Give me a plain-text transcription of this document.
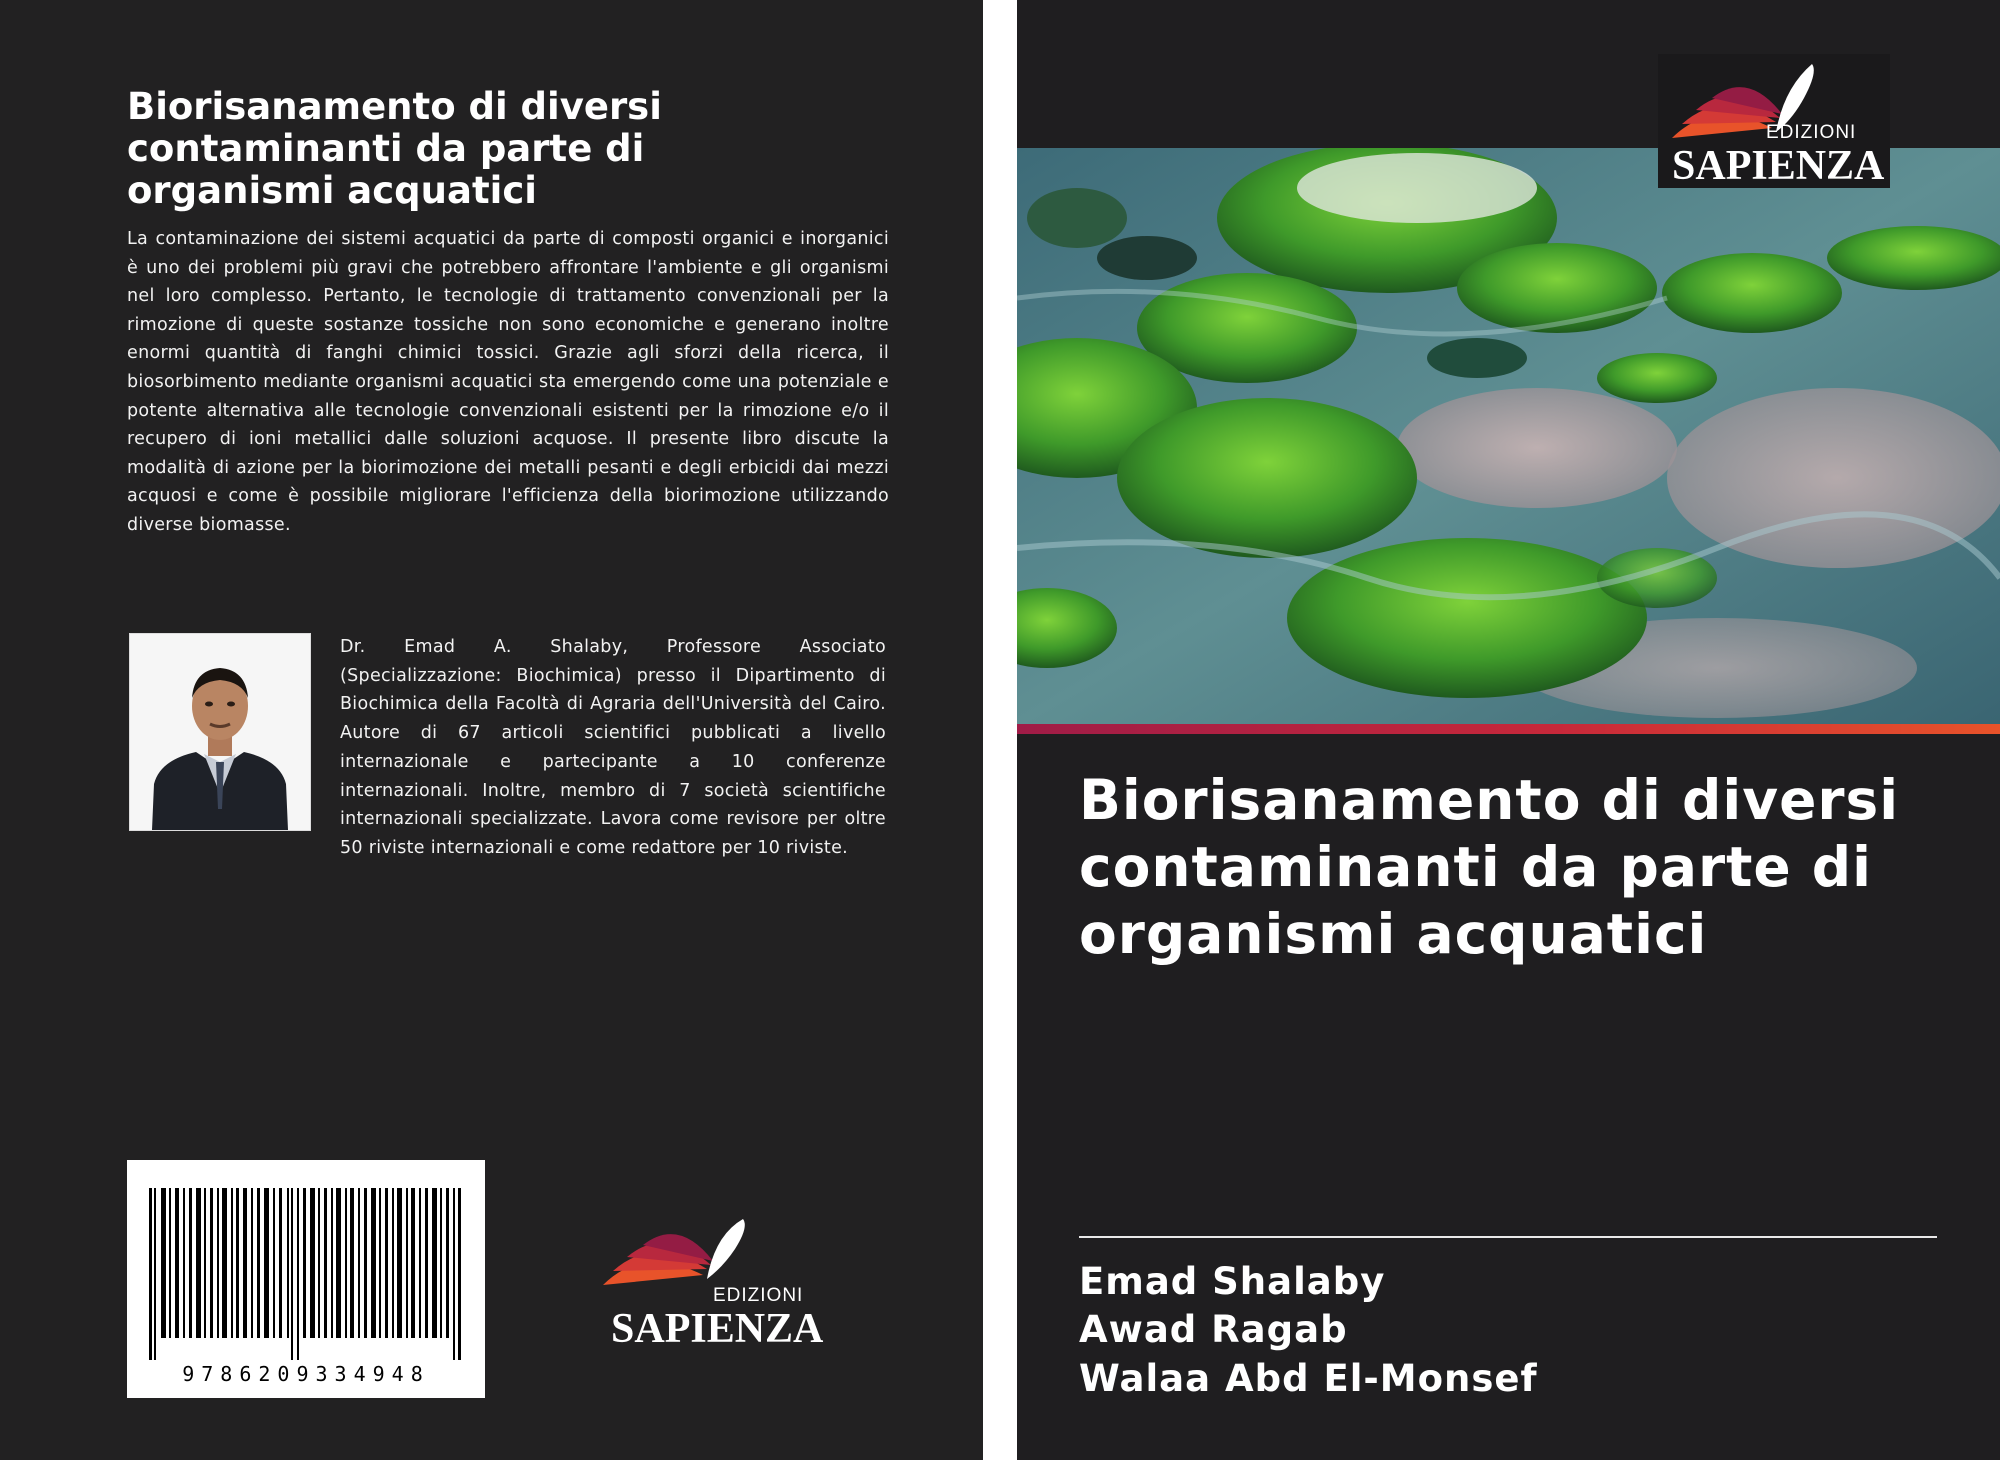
Biorisanamento di diversi contaminanti da parte di organismi acquatici
La contaminazione dei sistemi acquatici da parte di composti organici e inorganici è uno dei problemi più gravi che potrebbero affrontare l'ambiente e gli organismi nel loro complesso. Pertanto, le tecnologie di trattamento convenzionali per la rimozione di queste sostanze tossiche non sono economiche e generano inoltre enormi quantità di fanghi chimici tossici. Grazie agli sforzi della ricerca, il biosorbimento mediante organismi acquatici sta emergendo come una potenziale e potente alternativa alle tecnologie convenzionali esistenti per la rimozione e/o il recupero di ioni metallici dalle soluzioni acquose. Il presente libro discute la modalità di azione per la biorimozione dei metalli pesanti e degli erbicidi dai mezzi acquosi e come è possibile migliorare l'efficienza della biorimozione utilizzando diverse biomasse.
Dr. Emad A. Shalaby, Professore Associato (Specializzazione: Biochimica) presso il Dipartimento di Biochimica della Facoltà di Agraria dell'Università del Cairo. Autore di 67 articoli scientifici pubblicati a livello internazionale e partecipante a 10 conferenze internazionali. Inoltre, membro di 7 società scientifiche internazionali specializzate. Lavora come revisore per oltre 50 riviste internazionali e come redattore per 10 riviste.
9786209334948
EDIZIONI
SAPIENZA
EDIZIONI
SAPIENZA
Biorisanamento di diversi contaminanti da parte di organismi acquatici
Emad Shalaby
Awad Ragab
Walaa Abd El-Monsef
